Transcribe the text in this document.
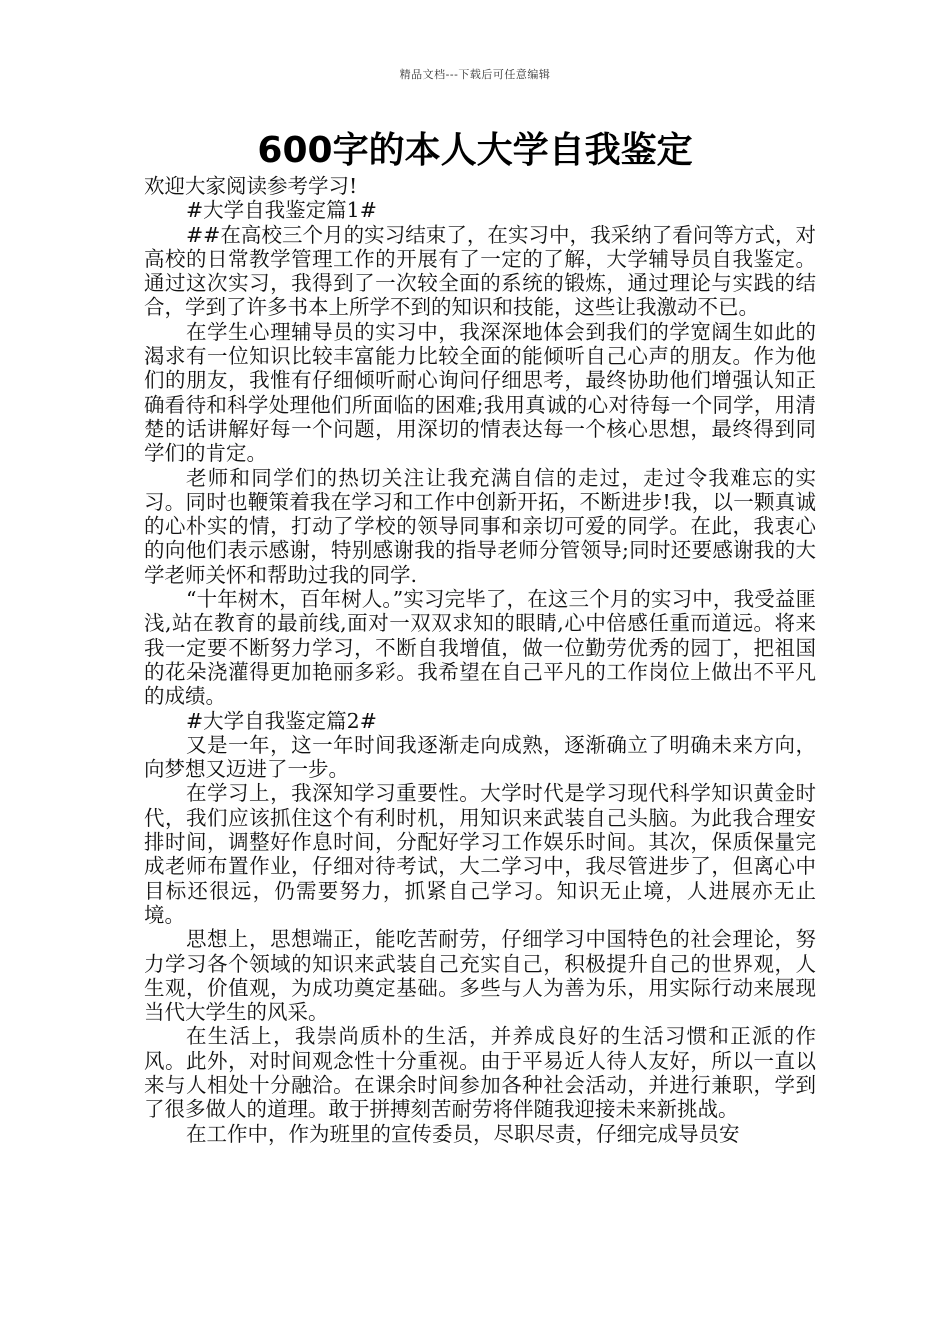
精品文档---下载后可任意编辑
600字的本人大学自我鉴定

欢迎大家阅读参考学习!

#大学自我鉴定篇1#

##在高校三个月的实习结束了，在实习中，我采纳了看问等方式，对高校的日常教学管理工作的开展有了一定的了解，大学辅导员自我鉴定。通过这次实习，我得到了一次较全面的系统的锻炼，通过理论与实践的结合，学到了许多书本上所学不到的知识和技能，这些让我激动不已。

在学生心理辅导员的实习中，我深深地体会到我们的学宽阔生如此的渴求有一位知识比较丰富能力比较全面的能倾听自己心声的朋友。作为他们的朋友，我惟有仔细倾听耐心询问仔细思考，最终协助他们增强认知正确看待和科学处理他们所面临的困难;我用真诚的心对待每一个同学，用清楚的话讲解好每一个问题，用深切的情表达每一个核心思想，最终得到同学们的肯定。

老师和同学们的热切关注让我充满自信的走过，走过令我难忘的实习。同时也鞭策着我在学习和工作中创新开拓，不断进步!我，以一颗真诚的心朴实的情，打动了学校的领导同事和亲切可爱的同学。在此，我衷心的向他们表示感谢，特别感谢我的指导老师分管领导;同时还要感谢我的大学老师关怀和帮助过我的同学.

“十年树木，百年树人。”实习完毕了，在这三个月的实习中，我受益匪浅,站在教育的最前线,面对一双双求知的眼睛,心中倍感任重而道远。将来我一定要不断努力学习，不断自我增值，做一位勤劳优秀的园丁，把祖国的花朵浇灌得更加艳丽多彩。我希望在自己平凡的工作岗位上做出不平凡的成绩。

#大学自我鉴定篇2#

又是一年，这一年时间我逐渐走向成熟，逐渐确立了明确未来方向，向梦想又迈进了一步。

在学习上，我深知学习重要性。大学时代是学习现代科学知识黄金时代，我们应该抓住这个有利时机，用知识来武装自己头脑。为此我合理安排时间，调整好作息时间，分配好学习工作娱乐时间。其次，保质保量完成老师布置作业，仔细对待考试，大二学习中，我尽管进步了，但离心中目标还很远，仍需要努力，抓紧自己学习。知识无止境，人进展亦无止境。

思想上，思想端正，能吃苦耐劳，仔细学习中国特色的社会理论，努力学习各个领域的知识来武装自己充实自己，积极提升自己的世界观，人生观，价值观，为成功奠定基础。多些与人为善为乐，用实际行动来展现当代大学生的风采。

在生活上，我崇尚质朴的生活，并养成良好的生活习惯和正派的作风。此外，对时间观念性十分重视。由于平易近人待人友好，所以一直以来与人相处十分融洽。在课余时间参加各种社会活动，并进行兼职，学到了很多做人的道理。敢于拼搏刻苦耐劳将伴随我迎接未来新挑战。

在工作中，作为班里的宣传委员，尽职尽责，仔细完成导员安
